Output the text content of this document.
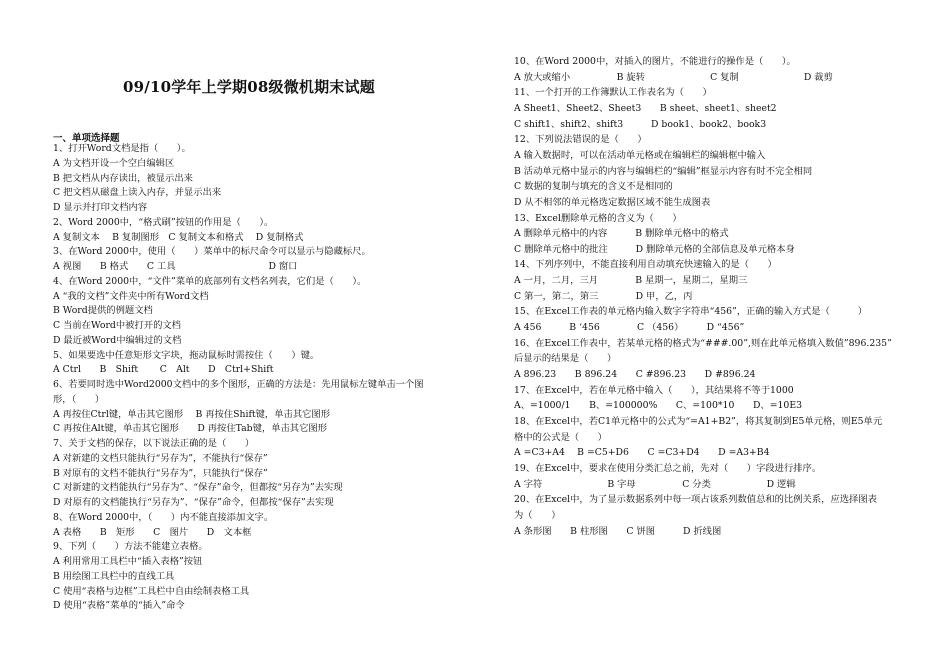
09/10学年上学期08级微机期末试题
一、单项选择题
1、打开Word文档是指（　　）。
A 为文档开设一个空白编辑区
B 把文档从内存读出，被显示出来
C 把文档从磁盘上读入内存，并显示出来
D 显示并打印文档内容
2、Word 2000中，“格式刷”按钮的作用是（　　）。
A 复制文本　 B 复制图形　C 复制文本和格式　 D 复制格式
3、在Word 2000中，使用（　　）菜单中的标尺命令可以显示与隐藏标尺。
A 视图　　B 格式　　C 工具　　　　　　　　　　D 窗口
4、在Word 2000中，“文件”菜单的底部列有文档名列表，它们是（　　）。
A “我的文档”文件夹中所有Word文档
B Word提供的例题文档
C 当前在Word中被打开的文档
D 最近被Word中编辑过的文档
5、如果要选中任意矩形文字块，拖动鼠标时需按住（　　）键。
A Ctrl　　B　Shift　　 C　Alt　　D　Ctrl+Shift
6、若要同时选中Word2000文档中的多个图形，正确的方法是：先用鼠标左键单击一个图
形，（　　）
A 再按住Ctrl键，单击其它图形　 B 再按住Shift键，单击其它图形
C 再按住Alt键，单击其它图形　　D 再按住Tab键，单击其它图形
7、关于文档的保存，以下说法正确的是（　　）
A 对新建的文档只能执行“另存为”，不能执行“保存”
B 对原有的文档不能执行“另存为”，只能执行“保存”
C 对新建的文档能执行“另存为”、“保存”命令，但都按“另存为”去实现
D 对原有的文档能执行“另存为”、“保存”命令，但都按“保存”去实现
8、在Word 2000中，（　　）内不能直接添加文字。
A 表格　　B　矩形　　C　图片　　D　文本框
9、下列（　　）方法不能建立表格。
A 利用常用工具栏中“插入表格”按钮
B 用绘图工具栏中的直线工具
C 使用“表格与边框”工具栏中自由绘制表格工具
D 使用“表格”菜单的“插入”命令
10、在Word 2000中，对插入的图片，不能进行的操作是（　　）。
A 放大或缩小　　　　　B 旋转　　　　　　　C 复制　　　　　　　D 裁剪
11、一个打开的工作簿默认工作表名为（　　）
A Sheet1、Sheet2、Sheet3　　B sheet、sheet1、sheet2
C shift1、shift2、shift3　　　D book1、book2、book3
12、下列说法错误的是（　　）
A 输入数据时，可以在活动单元格或在编辑栏的编辑框中输入
B 活动单元格中显示的内容与编辑栏的“编辑”框显示内容有时不完全相同
C 数据的复制与填充的含义不是相同的
D 从不相邻的单元格选定数据区域不能生成图表
13、Excel删除单元格的含义为（　　）
A 删除单元格中的内容　　　B 删除单元格中的格式
C 删除单元格中的批注　　　D 删除单元格的全部信息及单元格本身
14、下列序列中，不能直接利用自动填充快速输入的是（　　）
A 一月，二月，三月　　　　B 星期一，星期二，星期三
C 第一，第二，第三　　　　D 甲，乙，丙
15、在Excel工作表的单元格内输入数字字符串“456”，正确的输入方式是（　　　）
A 456　　　B ‘456　　　　C （456）　　　D “456”
16、在Excel工作表中，若某单元格的格式为“###.00”,则在此单元格填入数值”896.235”
后显示的结果是（　　）
A 896.23　　B 896.24　　C #896.23　　D #896.24
17、在Excel中，若在单元格中输入（　　），其结果将不等于1000
A、=1000/1　　B、=100000%　　C、=100*10　　D、=10E3
18、在Excel中，若C1单元格中的公式为“=A1+B2”，将其复制到E5单元格，则E5单元
格中的公式是（　　）
A =C3+A4　 B =C5+D6　　C =C3+D4　　D =A3+B4
19、在Excel中，要求在使用分类汇总之前，先对（　　）字段进行排序。
A 字符　　　　　　　B 字母　　　　　C 分类　　　　　　D 逻辑
20、在Excel中，为了显示数据系列中每一项占该系列数值总和的比例关系，应选择图表
为（　　）
A 条形图　　B 柱形图　　C 饼图　　　D 折线图
